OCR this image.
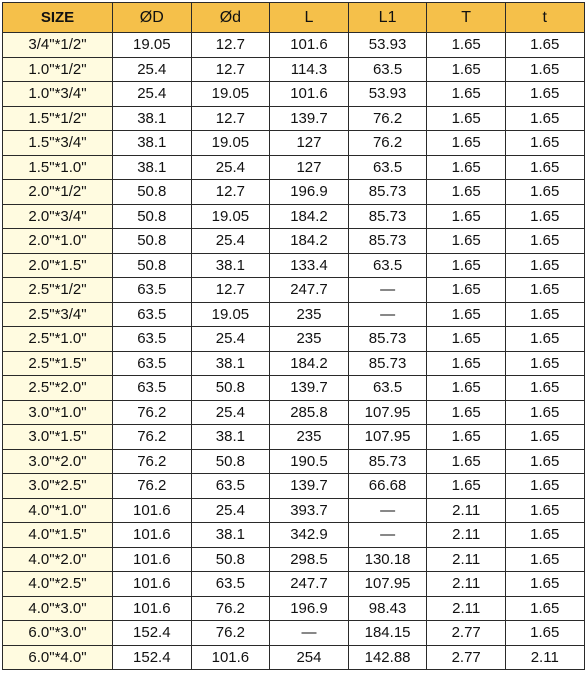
SIZE	ØD	Ød	L	L1	T	t
3/4"*1/2"	19.05	12.7	101.6	53.93	1.65	1.65
1.0"*1/2"	25.4	12.7	114.3	63.5	1.65	1.65
1.0"*3/4"	25.4	19.05	101.6	53.93	1.65	1.65
1.5"*1/2"	38.1	12.7	139.7	76.2	1.65	1.65
1.5"*3/4"	38.1	19.05	127	76.2	1.65	1.65
1.5"*1.0"	38.1	25.4	127	63.5	1.65	1.65
2.0"*1/2"	50.8	12.7	196.9	85.73	1.65	1.65
2.0"*3/4"	50.8	19.05	184.2	85.73	1.65	1.65
2.0"*1.0"	50.8	25.4	184.2	85.73	1.65	1.65
2.0"*1.5"	50.8	38.1	133.4	63.5	1.65	1.65
2.5"*1/2"	63.5	12.7	247.7	—	1.65	1.65
2.5"*3/4"	63.5	19.05	235	—	1.65	1.65
2.5"*1.0"	63.5	25.4	235	85.73	1.65	1.65
2.5"*1.5"	63.5	38.1	184.2	85.73	1.65	1.65
2.5"*2.0"	63.5	50.8	139.7	63.5	1.65	1.65
3.0"*1.0"	76.2	25.4	285.8	107.95	1.65	1.65
3.0"*1.5"	76.2	38.1	235	107.95	1.65	1.65
3.0"*2.0"	76.2	50.8	190.5	85.73	1.65	1.65
3.0"*2.5"	76.2	63.5	139.7	66.68	1.65	1.65
4.0"*1.0"	101.6	25.4	393.7	—	2.11	1.65
4.0"*1.5"	101.6	38.1	342.9	—	2.11	1.65
4.0"*2.0"	101.6	50.8	298.5	130.18	2.11	1.65
4.0"*2.5"	101.6	63.5	247.7	107.95	2.11	1.65
4.0"*3.0"	101.6	76.2	196.9	98.43	2.11	1.65
6.0"*3.0"	152.4	76.2	—	184.15	2.77	1.65
6.0"*4.0"	152.4	101.6	254	142.88	2.77	2.11
